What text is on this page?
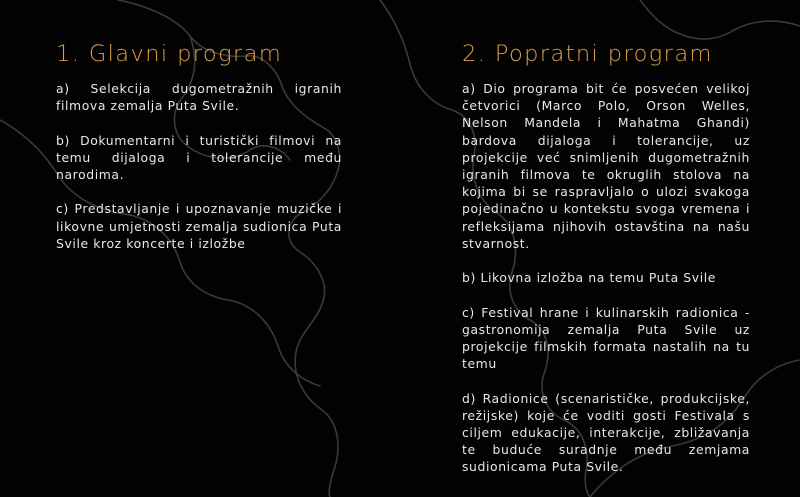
1. Glavni program

a) Selekcija dugometražnih igranih filmova zemalja Puta Svile.

b) Dokumentarni i turistički filmovi na temu dijaloga i tolerancije među narodima.

c) Predstavljanje i upoznavanje muzičke i likovne umjetnosti zemalja sudionica Puta Svile kroz koncerte i izložbe

2. Popratni program

a) Dio programa bit će posvećen velikoj četvorici (Marco Polo, Orson Welles, Nelson Mandela i Mahatma Ghandi) bardova dijaloga i tolerancije, uz projekcije već snimljenih dugometražnih igranih filmova te okruglih stolova na kojima bi se raspravljalo o ulozi svakoga pojedinačno u kontekstu svoga vremena i refleksijama njihovih ostavština na našu stvarnost.

b) Likovna izložba na temu Puta Svile

c) Festival hrane i kulinarskih radionica - gastronomija zemalja Puta Svile uz projekcije filmskih formata nastalih na tu temu

d) Radionice (scenarističke, produkcijske, režijske) koje će voditi gosti Festivala s ciljem edukacije, interakcije, zbližavanja te buduće suradnje među zemjama sudionicama Puta Svile.
